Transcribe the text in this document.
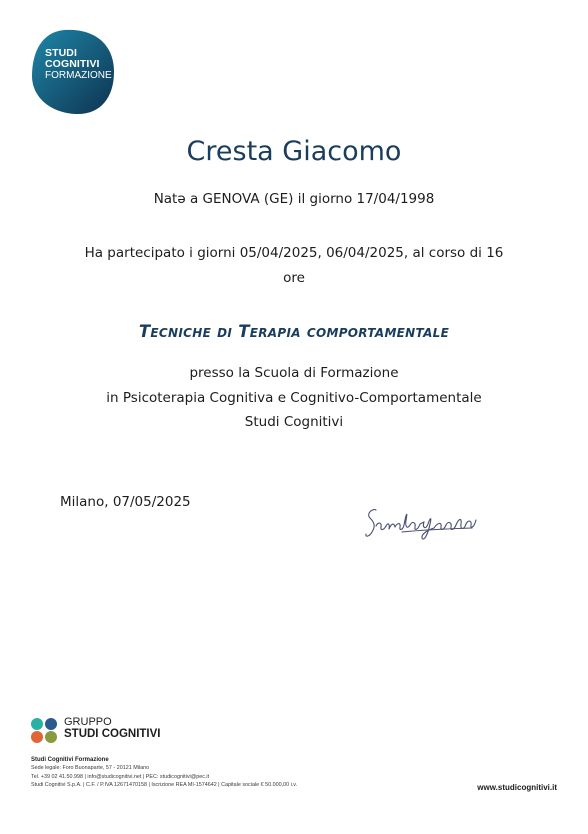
STUDI
COGNITIVI
FORMAZIONE
Cresta Giacomo
Natə a GENOVA (GE) il giorno 17/04/1998
Ha partecipato i giorni 05/04/2025, 06/04/2025, al corso di 16
ore
Tecniche di Terapia comportamentale
presso la Scuola di Formazione
in Psicoterapia Cognitiva e Cognitivo-Comportamentale
Studi Cognitivi
Milano, 07/05/2025
GRUPPO
STUDI COGNITIVI
Studi Cognitivi Formazione
Sede legale: Foro Buonaparte, 57 - 20121 Milano
Tel. +39 02 41.50.998 | info@studicognitivi.net | PEC: studicognitivi@pec.it
Studi Cognitivi S.p.A. | C.F. / P.IVA 12671470158 | Iscrizione REA MI-1574642 | Capitale sociale € 50.000,00 i.v.	www.studicognitivi.it
